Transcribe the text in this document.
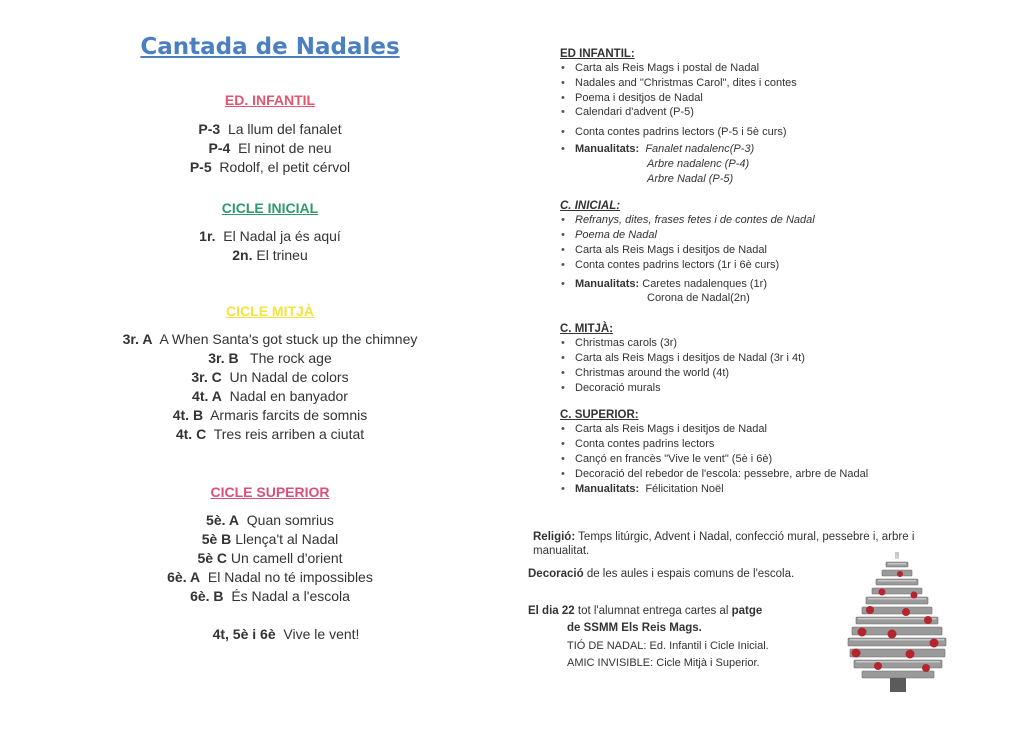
Cantada de Nadales
ED. INFANTIL

P-3 La llum del fanalet

P-4 El ninot de neu

P-5 Rodolf, el petit cérvol

CICLE INICIAL

1r. El Nadal ja és aquí

2n. El trineu

CICLE MITJÀ

3r. A A When Santa's got stuck up the chimney

3r. B The rock age

3r. C Un Nadal de colors

4t. A Nadal en banyador

4t. B Armaris farcits de somnis

4t. C Tres reis arriben a ciutat

CICLE SUPERIOR

5è. A Quan somrius

5è B Llença't al Nadal

5è C Un camell d'orient

6è. A El Nadal no té impossibles

6è. B És Nadal a l'escola

4t, 5è i 6è Vive le vent!

ED INFANTIL:
• Carta als Reis Mags i postal de Nadal
• Nadales and "Christmas Carol", dites i contes
• Poema i desitjos de Nadal
• Calendari d'advent (P-5)
• Conta contes padrins lectors (P-5 i 5è curs)
• Manualitats: Fanalet nadalenc(P-3)
Arbre nadalenc (P-4)
Arbre Nadal (P-5)
C. INICIAL:
• Refranys, dites, frases fetes i de contes de Nadal
• Poema de Nadal
• Carta als Reis Mags i desitjos de Nadal
• Conta contes padrins lectors (1r i 6è curs)
• Manualitats: Caretes nadalenques (1r)
Corona de Nadal(2n)
C. MITJÀ:
• Christmas carols (3r)
• Carta als Reis Mags i desitjos de Nadal (3r i 4t)
• Christmas around the world (4t)
• Decoració murals
C. SUPERIOR:
• Carta als Reis Mags i desitjos de Nadal
• Conta contes padrins lectors
• Cançó en francès "Vive le vent" (5è i 6è)
• Decoració del rebedor de l'escola: pessebre, arbre de Nadal
• Manualitats: Félicitation Noël
Religió: Temps litúrgic, Advent i Nadal, confecció mural, pessebre i, arbre i
manualitat.
Decoració de les aules i espais comuns de l'escola.
El dia 22 tot l'alumnat entrega cartes al patge
de SSMM Els Reis Mags.
TIÓ DE NADAL: Ed. Infantil i Cicle Inicial.
AMIC INVISIBLE: Cicle Mitjà i Superior.
